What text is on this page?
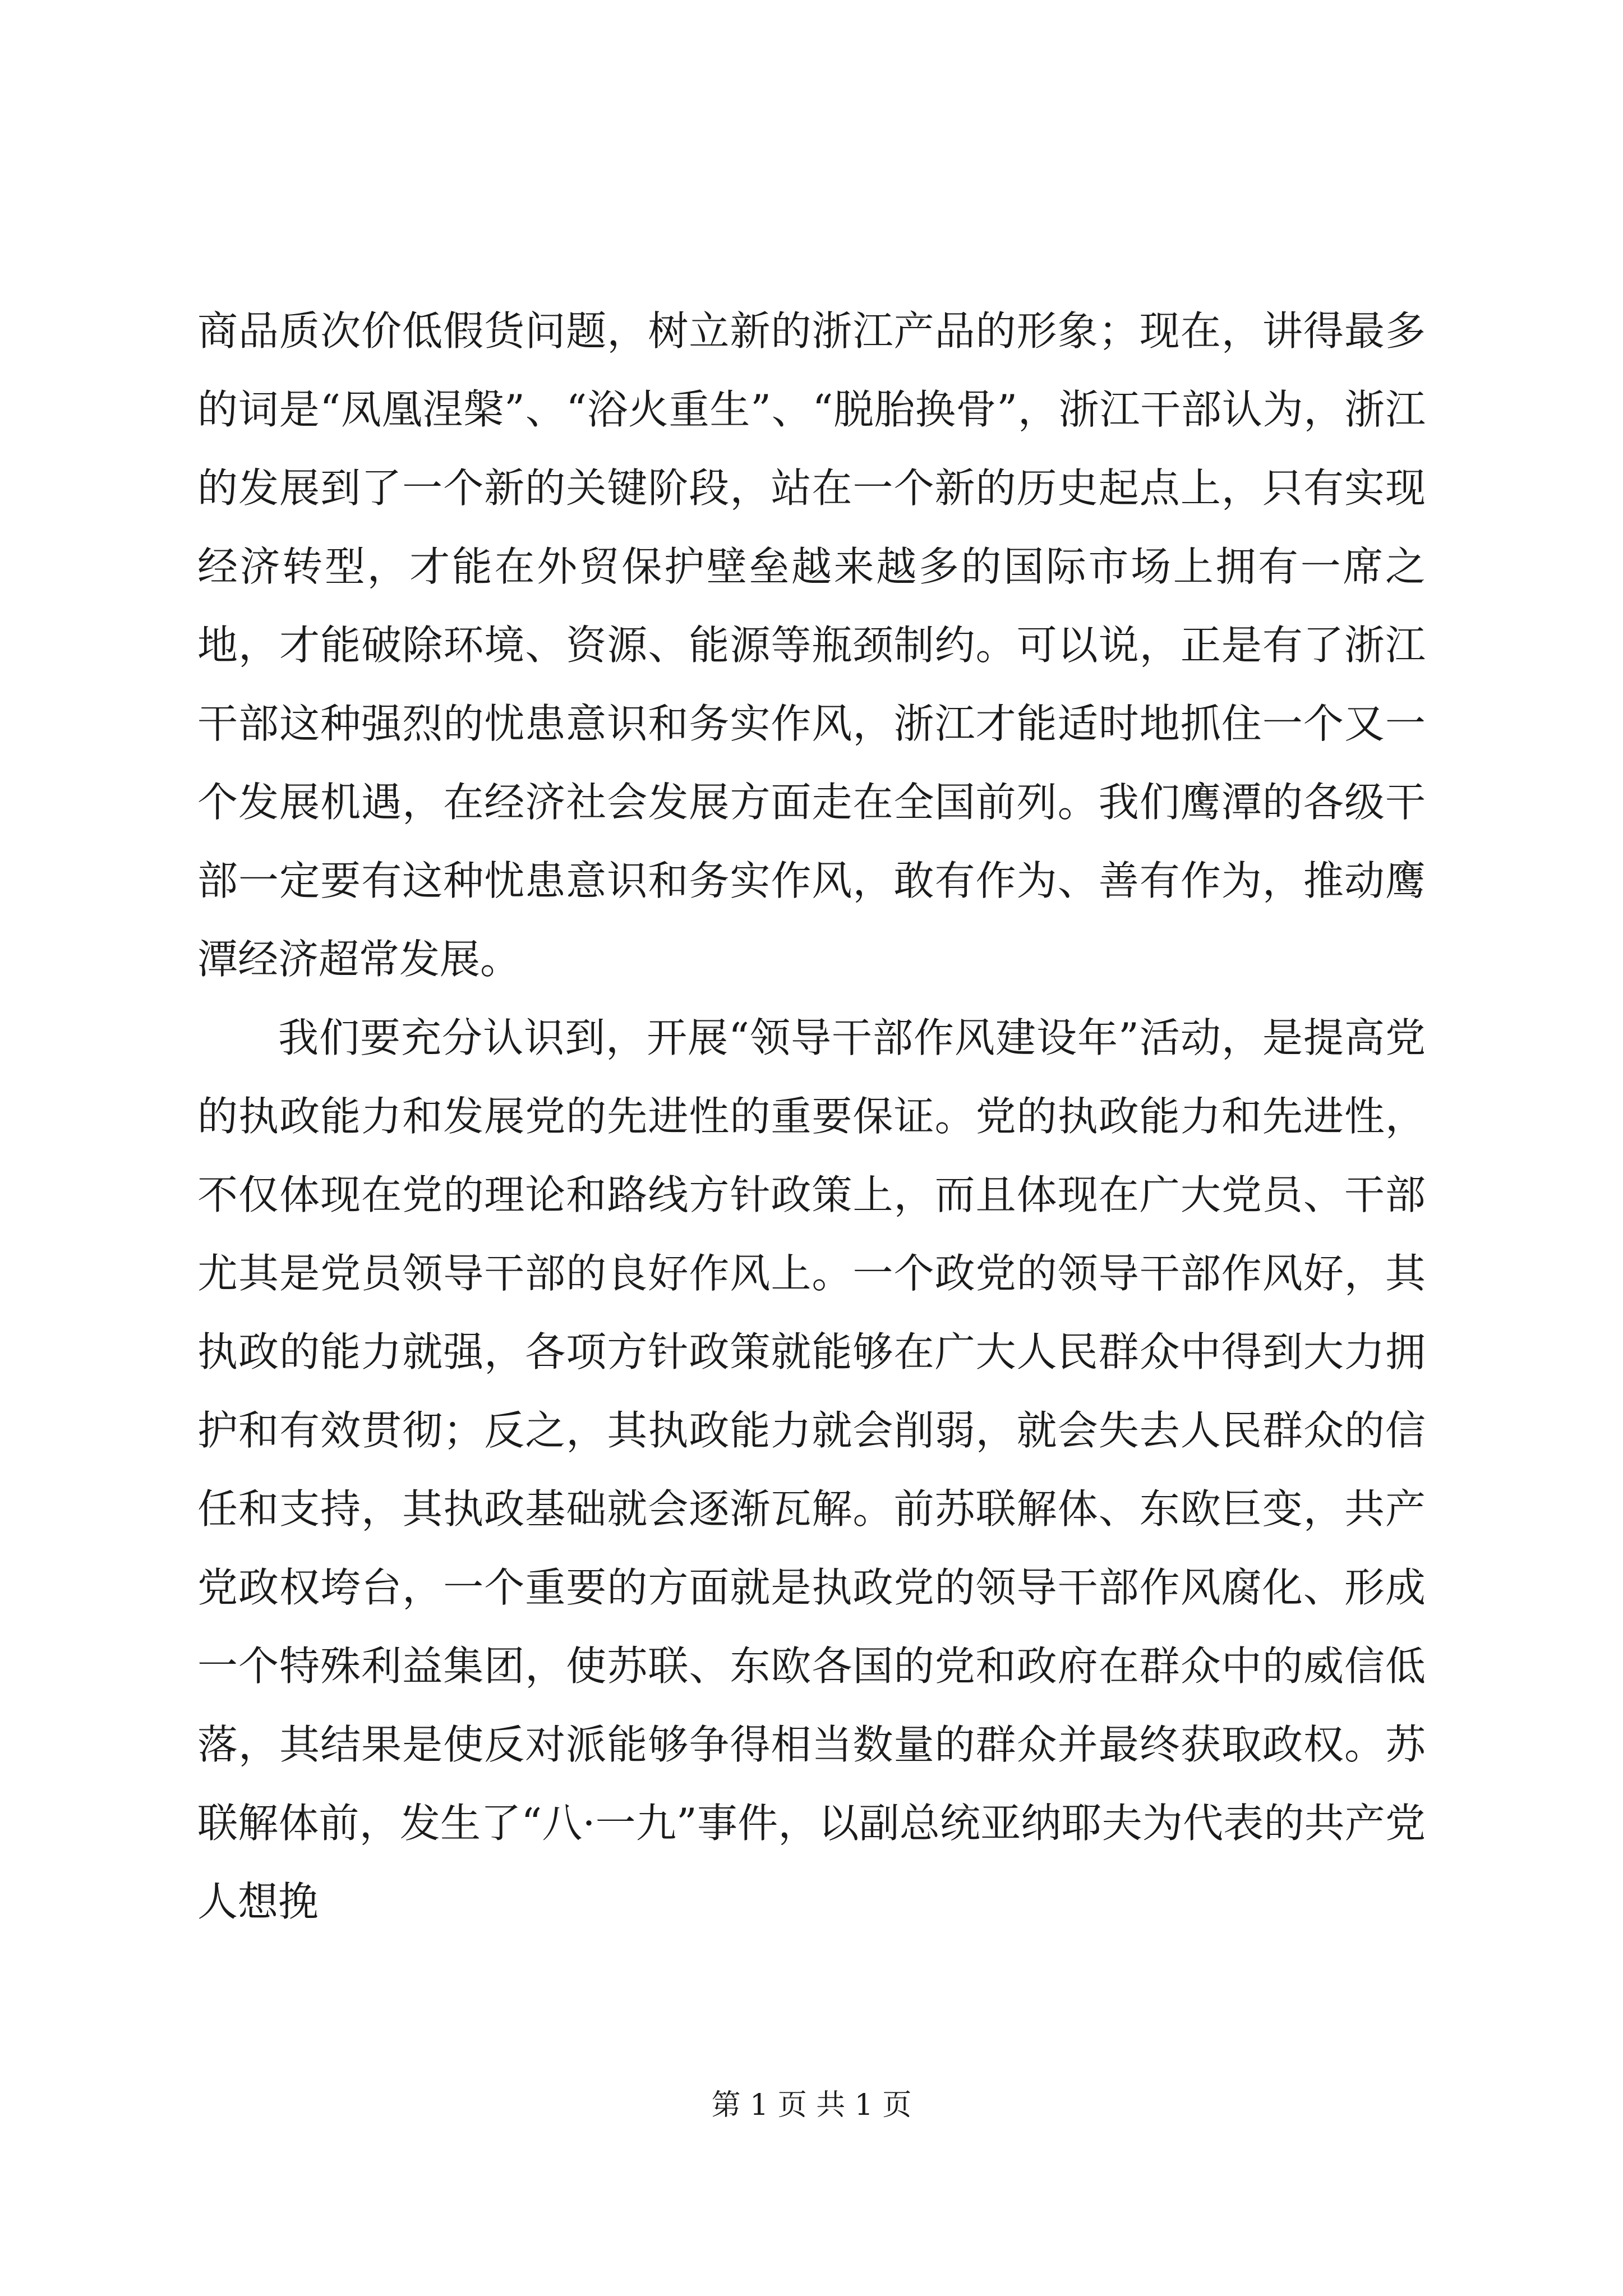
商品质次价低假货问题，树立新的浙江产品的形象；现在，讲得最多的词是“凤凰涅槃”、“浴火重生”、“脱胎换骨”，浙江干部认为，浙江的发展到了一个新的关键阶段，站在一个新的历史起点上，只有实现经济转型，才能在外贸保护壁垒越来越多的国际市场上拥有一席之地，才能破除环境、资源、能源等瓶颈制约。可以说，正是有了浙江干部这种强烈的忧患意识和务实作风，浙江才能适时地抓住一个又一个发展机遇，在经济社会发展方面走在全国前列。我们鹰潭的各级干部一定要有这种忧患意识和务实作风，敢有作为、善有作为，推动鹰潭经济超常发展。

我们要充分认识到，开展“领导干部作风建设年”活动，是提高党的执政能力和发展党的先进性的重要保证。党的执政能力和先进性，不仅体现在党的理论和路线方针政策上，而且体现在广大党员、干部尤其是党员领导干部的良好作风上。一个政党的领导干部作风好，其执政的能力就强，各项方针政策就能够在广大人民群众中得到大力拥护和有效贯彻；反之，其执政能力就会削弱，就会失去人民群众的信任和支持，其执政基础就会逐渐瓦解。前苏联解体、东欧巨变，共产党政权垮台，一个重要的方面就是执政党的领导干部作风腐化、形成一个特殊利益集团，使苏联、东欧各国的党和政府在群众中的威信低落，其结果是使反对派能够争得相当数量的群众并最终获取政权。苏联解体前，发生了“八·一九”事件，以副总统亚纳耶夫为代表的共产党人想挽

第 1 页 共 1 页
